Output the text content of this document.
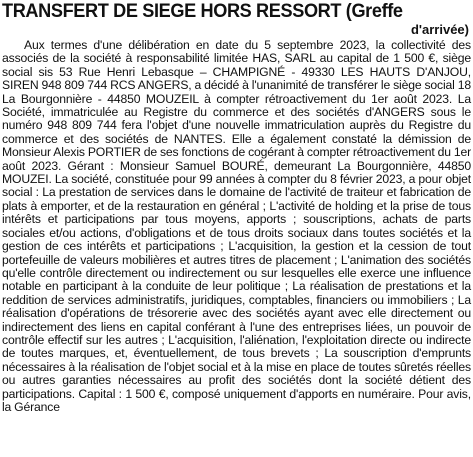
TRANSFERT DE SIEGE HORS RESSORT (Greffe
d'arrivée)

Aux termes d'une délibération en date du 5 septembre 2023, la collectivité des associés de la société à responsabilité limitée HAS, SARL au capital de 1 500 €, siège social sis 53 Rue Henri Lebasque – CHAMPIGNÉ - 49330 LES HAUTS D'ANJOU, SIREN 948 809 744 RCS ANGERS, a décidé à l'unanimité de transférer le siège social 18 La Bourgonnière - 44850 MOUZEIL à compter rétroactivement du 1er août 2023. La Société, immatriculée au Registre du commerce et des sociétés d'ANGERS sous le numéro 948 809 744 fera l'objet d'une nouvelle immatriculation auprès du Registre du commerce et des sociétés de NANTES. Elle a également constaté la démission de Monsieur Alexis PORTIER de ses fonctions de cogérant à compter rétroactivement du 1er août 2023. Gérant : Monsieur Samuel BOURÉ, demeurant La Bourgonnière, 44850 MOUZEI. La société, constituée pour 99 années à compter du 8 février 2023, a pour objet social : La prestation de services dans le domaine de l'activité de traiteur et fabrication de plats à emporter, et de la restauration en général ; L'activité de holding et la prise de tous intérêts et participations par tous moyens, apports ; souscriptions, achats de parts sociales et/ou actions, d'obligations et de tous droits sociaux dans toutes sociétés et la gestion de ces intérêts et participations ; L'acquisition, la gestion et la cession de tout portefeuille de valeurs mobilières et autres titres de placement ; L'animation des sociétés qu'elle contrôle directement ou indirectement ou sur lesquelles elle exerce une influence notable en participant à la conduite de leur politique ; La réalisation de prestations et la reddition de services administratifs, juridiques, comptables, financiers ou immobiliers ; La réalisation d'opérations de trésorerie avec des sociétés ayant avec elle directement ou indirectement des liens en capital conférant à l'une des entreprises liées, un pouvoir de contrôle effectif sur les autres ; L'acquisition, l'aliénation, l'exploitation directe ou indirecte de toutes marques, et, éventuellement, de tous brevets ; La souscription d'emprunts nécessaires à la réalisation de l'objet social et à la mise en place de toutes sûretés réelles ou autres garanties nécessaires au profit des sociétés dont la société détient des participations. Capital : 1 500 €, composé uniquement d'apports en numéraire. Pour avis, la Gérance
